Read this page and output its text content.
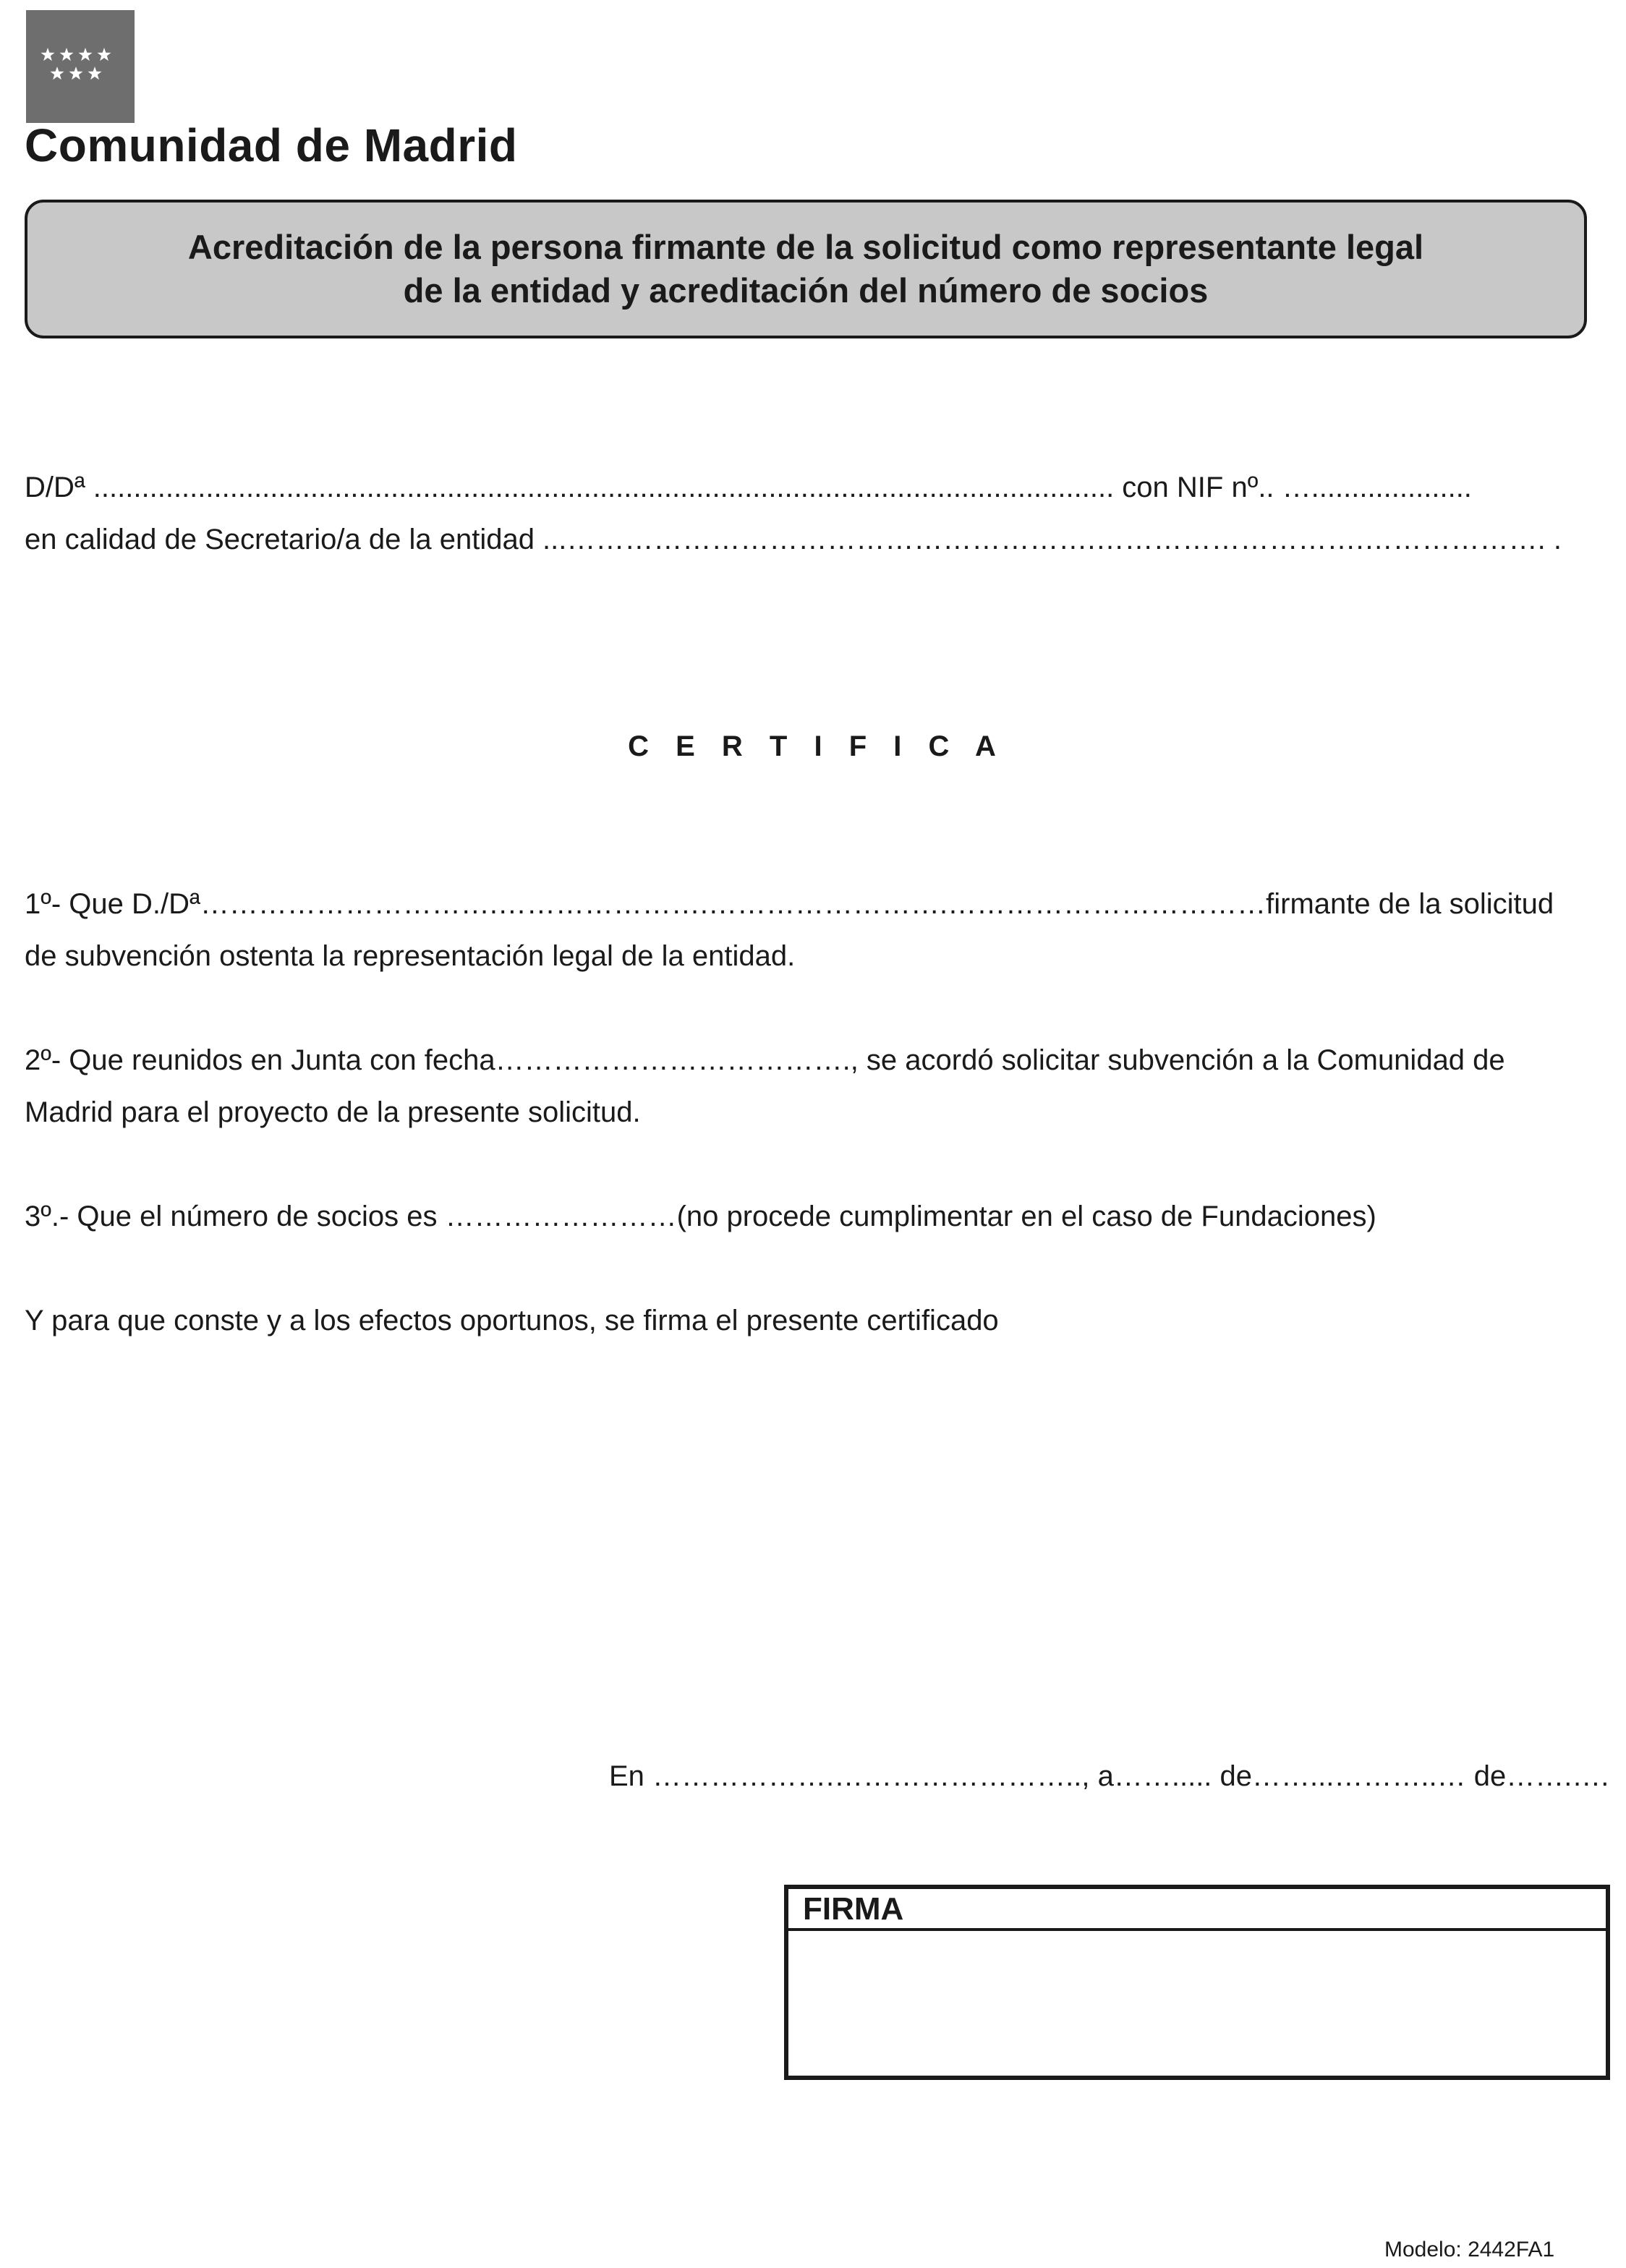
Comunidad de Madrid
Acreditación de la persona firmante de la solicitud como representante legal
de la entidad y acreditación del número de socios
D/Dª ............................................................................................................................... con NIF nº.. …....................
en calidad de Secretario/a de la entidad ...……………………………………………….……………………….………………. .
C E R T I F I C A
1º- Que D./Dª………………………….………………….…………………….……………………………firmante de la solicitud
de subvención ostenta la representación legal de la entidad.
2º- Que reunidos en Junta con fecha………………………………., se acordó solicitar subvención a la Comunidad de
Madrid para el proyecto de la presente solicitud.
3º.- Que el número de socios es ……………………(no procede cumplimentar en el caso de Fundaciones)
Y para que conste y a los efectos oportunos, se firma el presente certificado
En ……………….…………………….., a……..... de……...………..… de…….….
FIRMA
Modelo: 2442FA1
